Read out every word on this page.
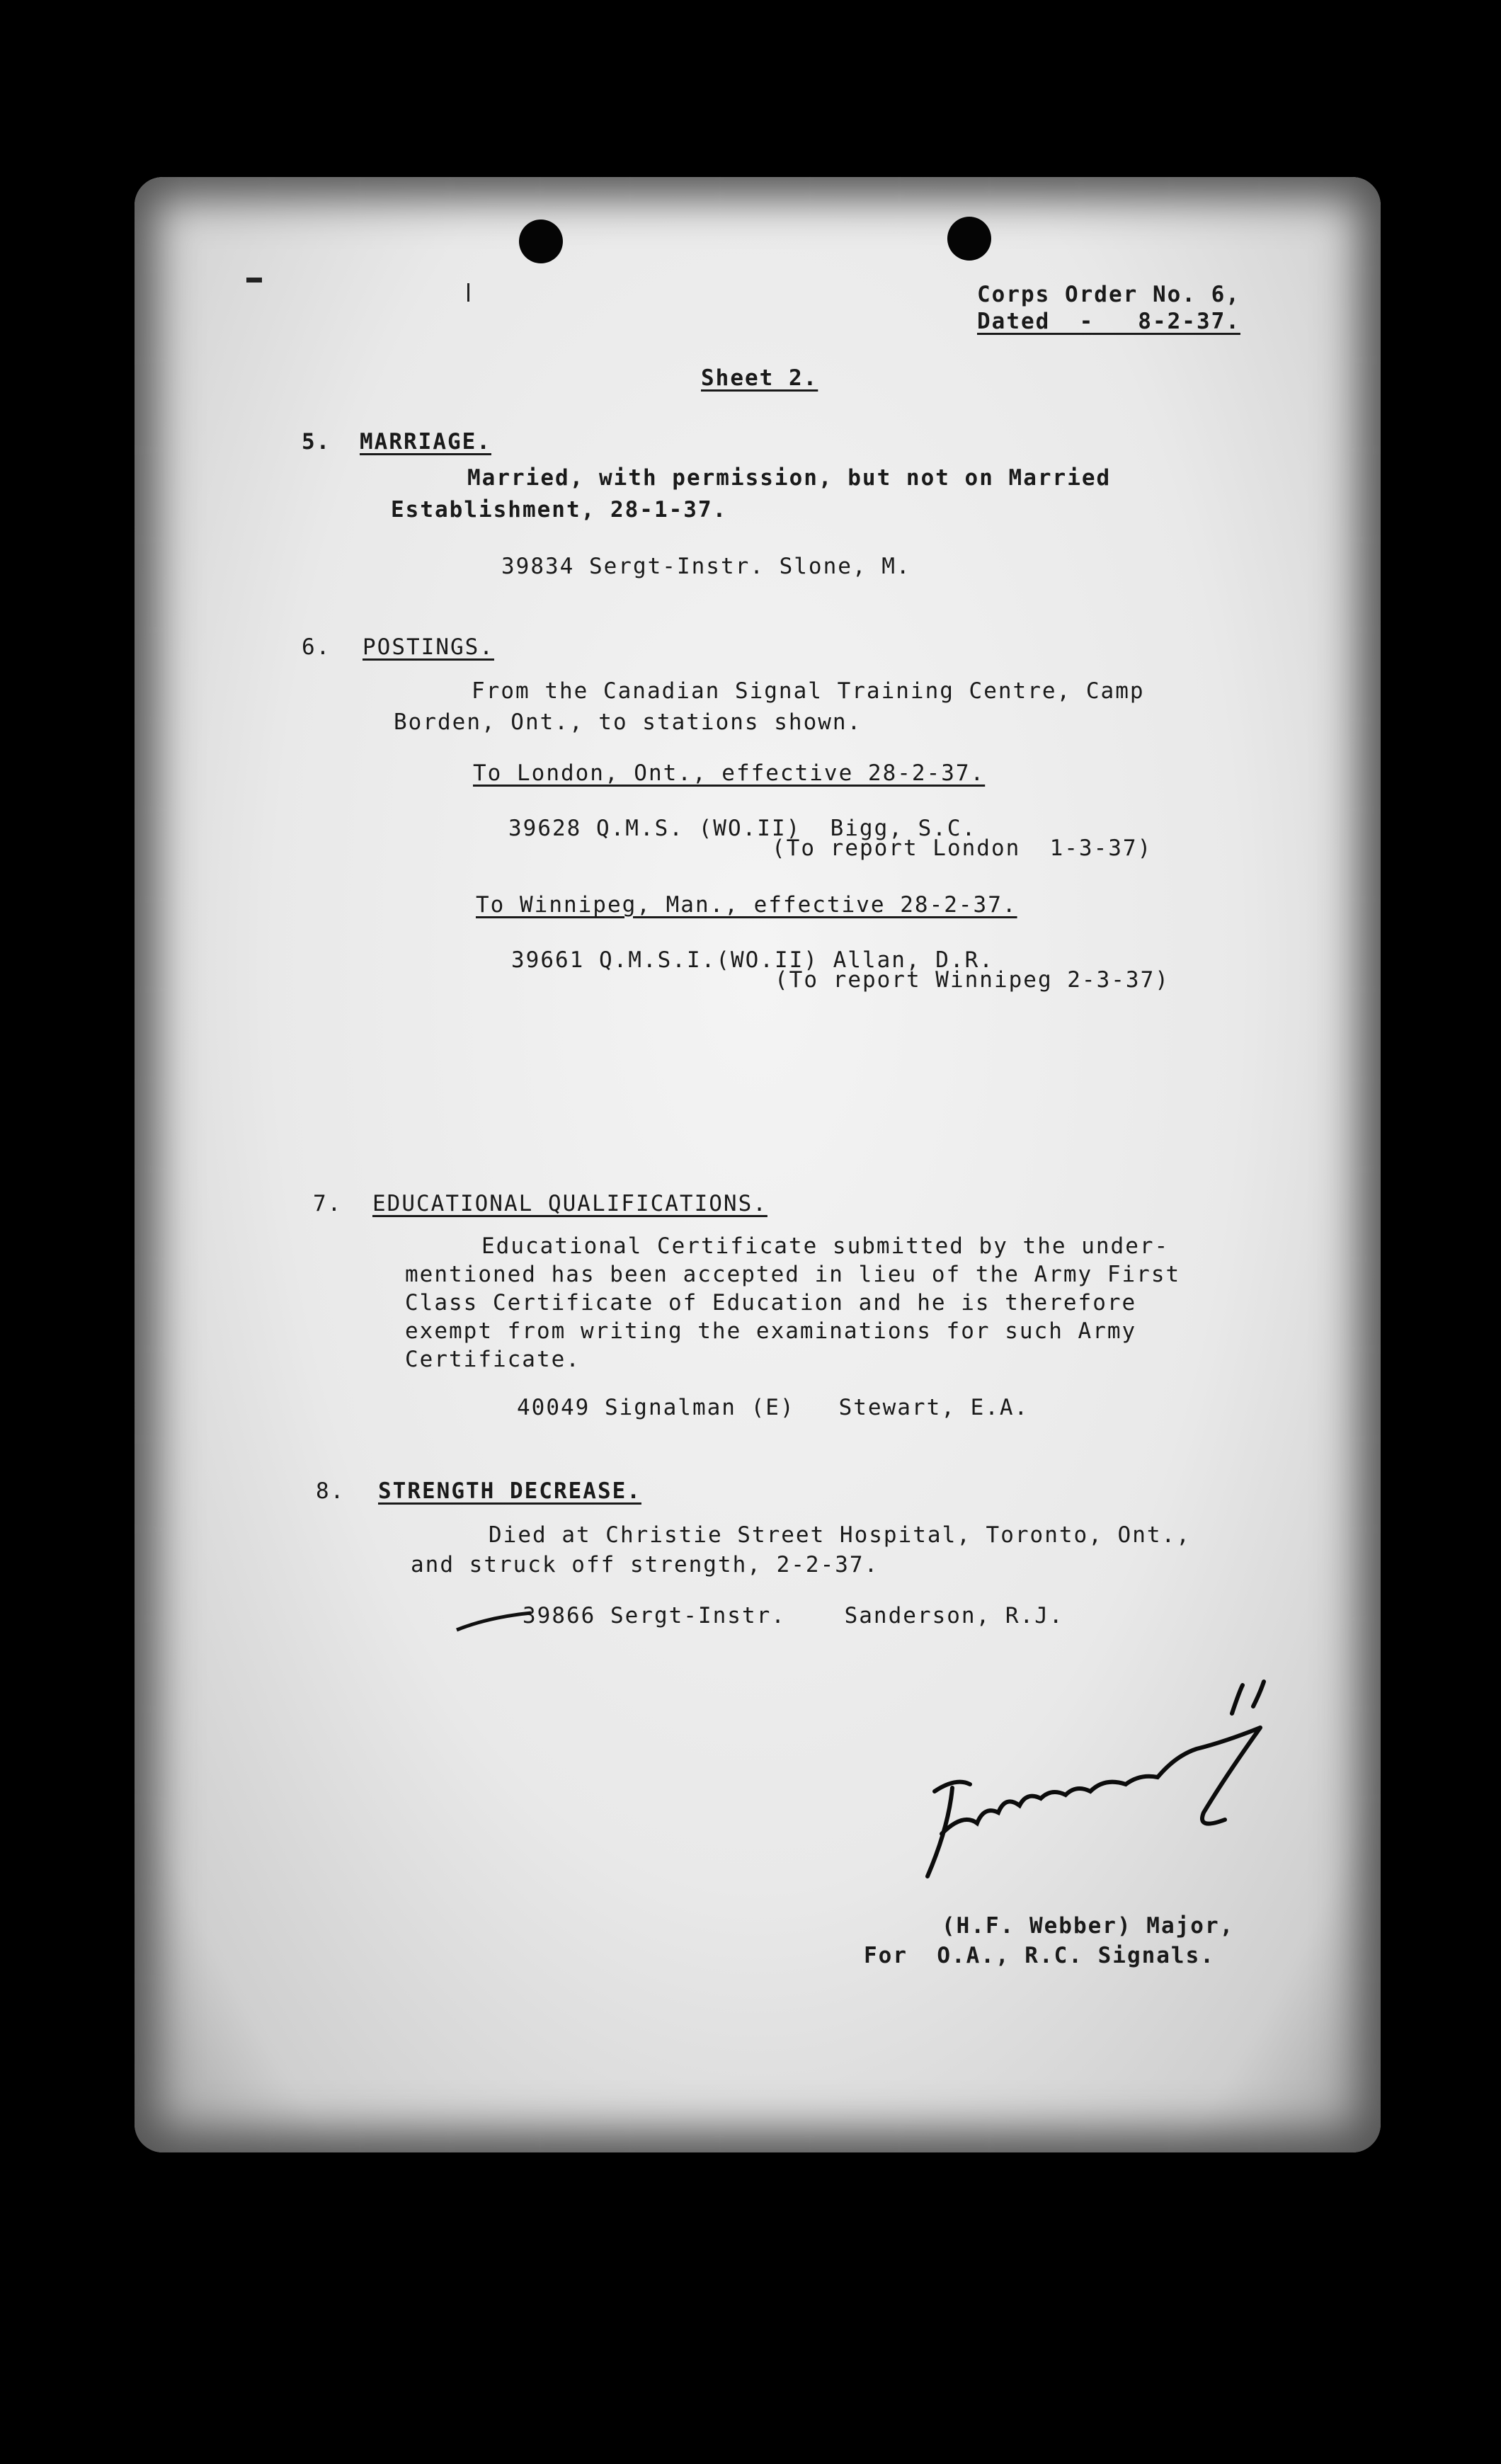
Corps Order No. 6,
Dated  -   8-2-37.
Sheet 2.
5. MARRIAGE.
Married, with permission, but not on Married
Establishment, 28-1-37.
39834 Sergt-Instr. Slone, M.
6. POSTINGS.
From the Canadian Signal Training Centre, Camp
Borden, Ont., to stations shown.
To London, Ont., effective 28-2-37.
39628 Q.M.S. (WO.II)  Bigg, S.C.
(To report London  1-3-37)
To Winnipeg, Man., effective 28-2-37.
39661 Q.M.S.I.(WO.II) Allan, D.R.
(To report Winnipeg 2-3-37)
7. EDUCATIONAL QUALIFICATIONS.
Educational Certificate submitted by the under-
mentioned has been accepted in lieu of the Army First
Class Certificate of Education and he is therefore
exempt from writing the examinations for such Army
Certificate.
40049 Signalman (E)   Stewart, E.A.
8. STRENGTH DECREASE.
Died at Christie Street Hospital, Toronto, Ont.,
and struck off strength, 2-2-37.
39866 Sergt-Instr.    Sanderson, R.J.
(H.F. Webber) Major,
For  O.A., R.C. Signals.
